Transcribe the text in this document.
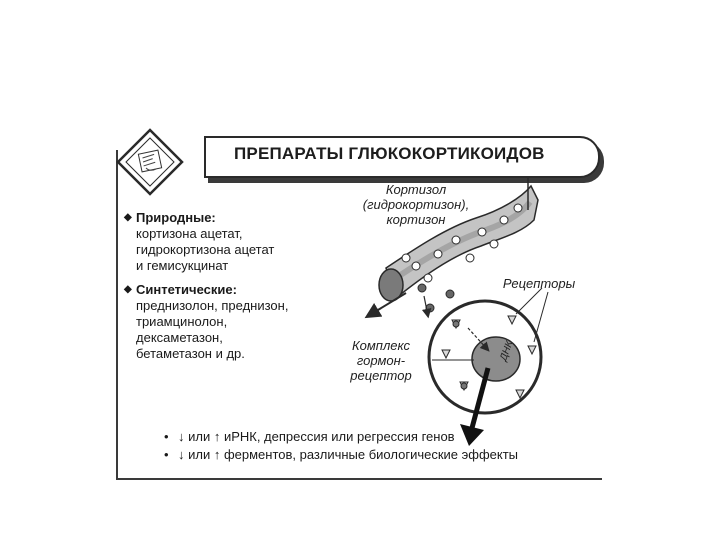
ПРЕПАРАТЫ ГЛЮКОКОРТИКОИДОВ
◆ Природные:
кортизона ацетат,
гидрокортизона ацетат
и гемисукцинат
◆ Синтетические:
преднизолон, преднизон,
триамцинолон,
дексаметазон,
бетаметазон и др.	ДНК
Кортизол
(гидрокортизон),
кортизон
Рецепторы
Комплекс
гормон-
рецептор
• ↓ или ↑ иРНК, депрессия или регрессия генов
• ↓ или ↑ ферментов, различные биологические эффекты
